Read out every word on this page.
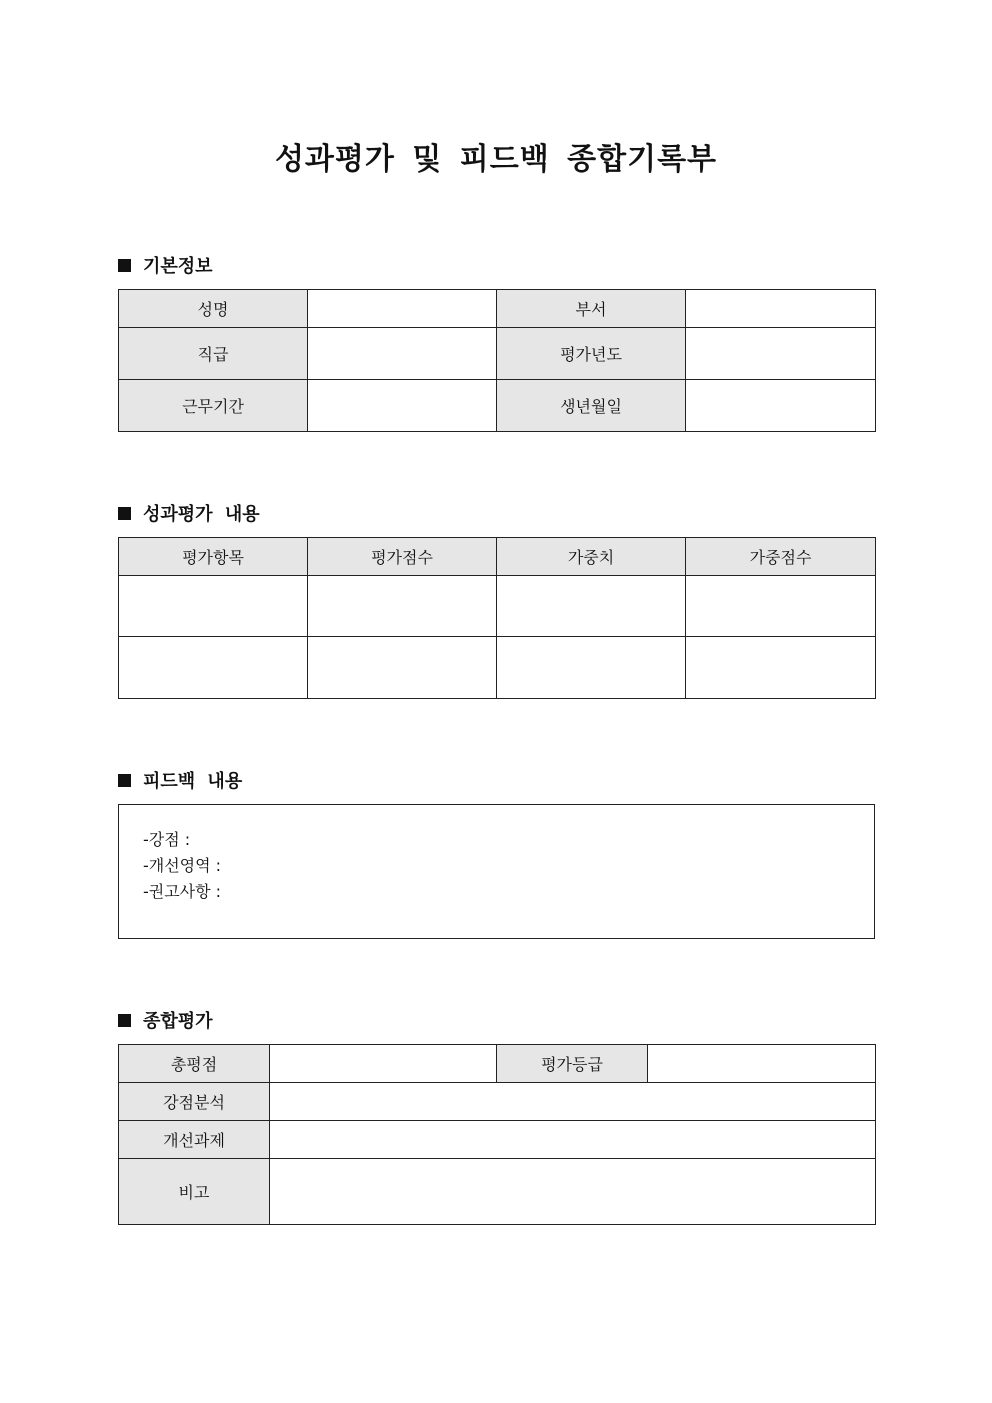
성과평가 및 피드백 종합기록부
기본정보
성명		부서	
직급		평가년도	
근무기간		생년월일	
성과평가 내용
평가항목	평가점수	가중치	가중점수

피드백 내용
-강점 :
-개선영역 :
-권고사항 :
종합평가
총평점		평가등급	
강점분석			
개선과제			
비고			
